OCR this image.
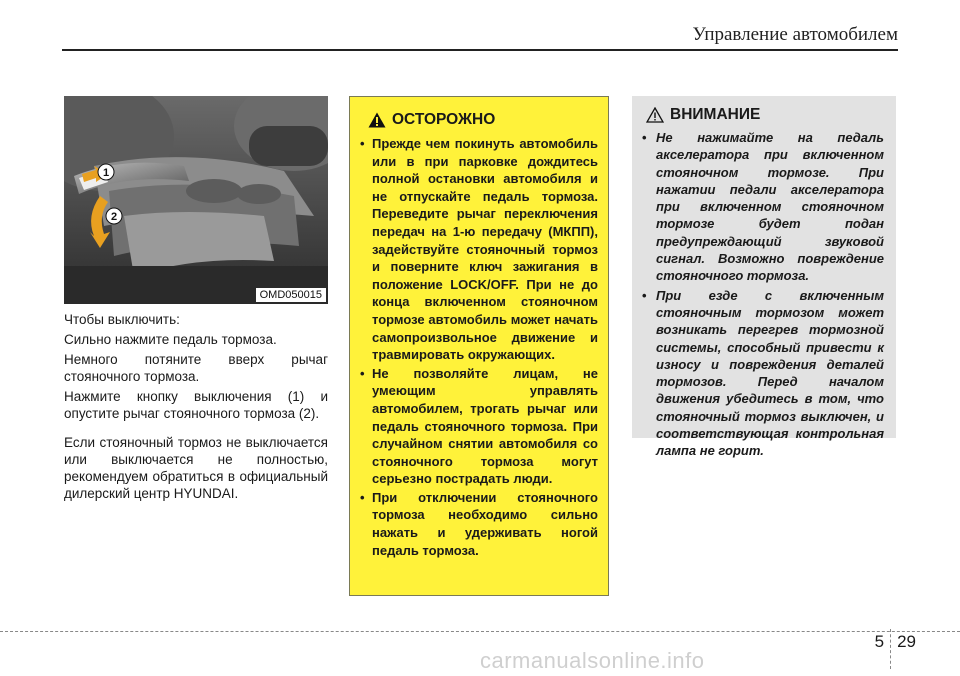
Управление автомобилем
1
2
OMD050015

Чтобы выключить:

Сильно нажмите педаль тормоза.

Немного потяните вверх рычаг стояночного тормоза.

Нажмите кнопку выключения (1) и опустите рычаг стояночного тормоза (2).

Если стояночный тормоз не выключается или выключается не полностью, рекомендуем обратиться в официальный дилерский центр HYUNDAI.

ОСТОРОЖНО
• Прежде чем покинуть автомобиль или в при парковке дождитесь полной остановки автомобиля и не отпускайте педаль тормоза. Переведите рычаг переключения передач на 1-ю передачу (МКПП), задействуйте стояночный тормоз и поверните ключ зажигания в положение LOCK/OFF. При не до конца включенном стояночном тормозе автомобиль может начать самопроизвольное движение и травмировать окружающих.
• Не позволяйте лицам, не умеющим управлять автомобилем, трогать рычаг или педаль стояночного тормоза. При случайном снятии автомобиля со стояночного тормоза могут серьезно пострадать люди.
• При отключении стояночного тормоза необходимо сильно нажать и удерживать ногой педаль тормоза.
ВНИМАНИЕ
• Не нажимайте на педаль акселератора при включенном стояночном тормозе. При нажатии педали акселератора при включенном стояночном тормозе будет подан предупреждающий звуковой сигнал. Возможно повреждение стояночного тормоза.
• При езде с включенным стояночным тормозом может возникать перегрев тормозной системы, способный привести к износу и повреждения деталей тормозов. Перед началом движения убедитесь в том, что стояночный тормоз выключен, и соответствующая контрольная лампа не горит.
5 29
carmanualsonline.info
